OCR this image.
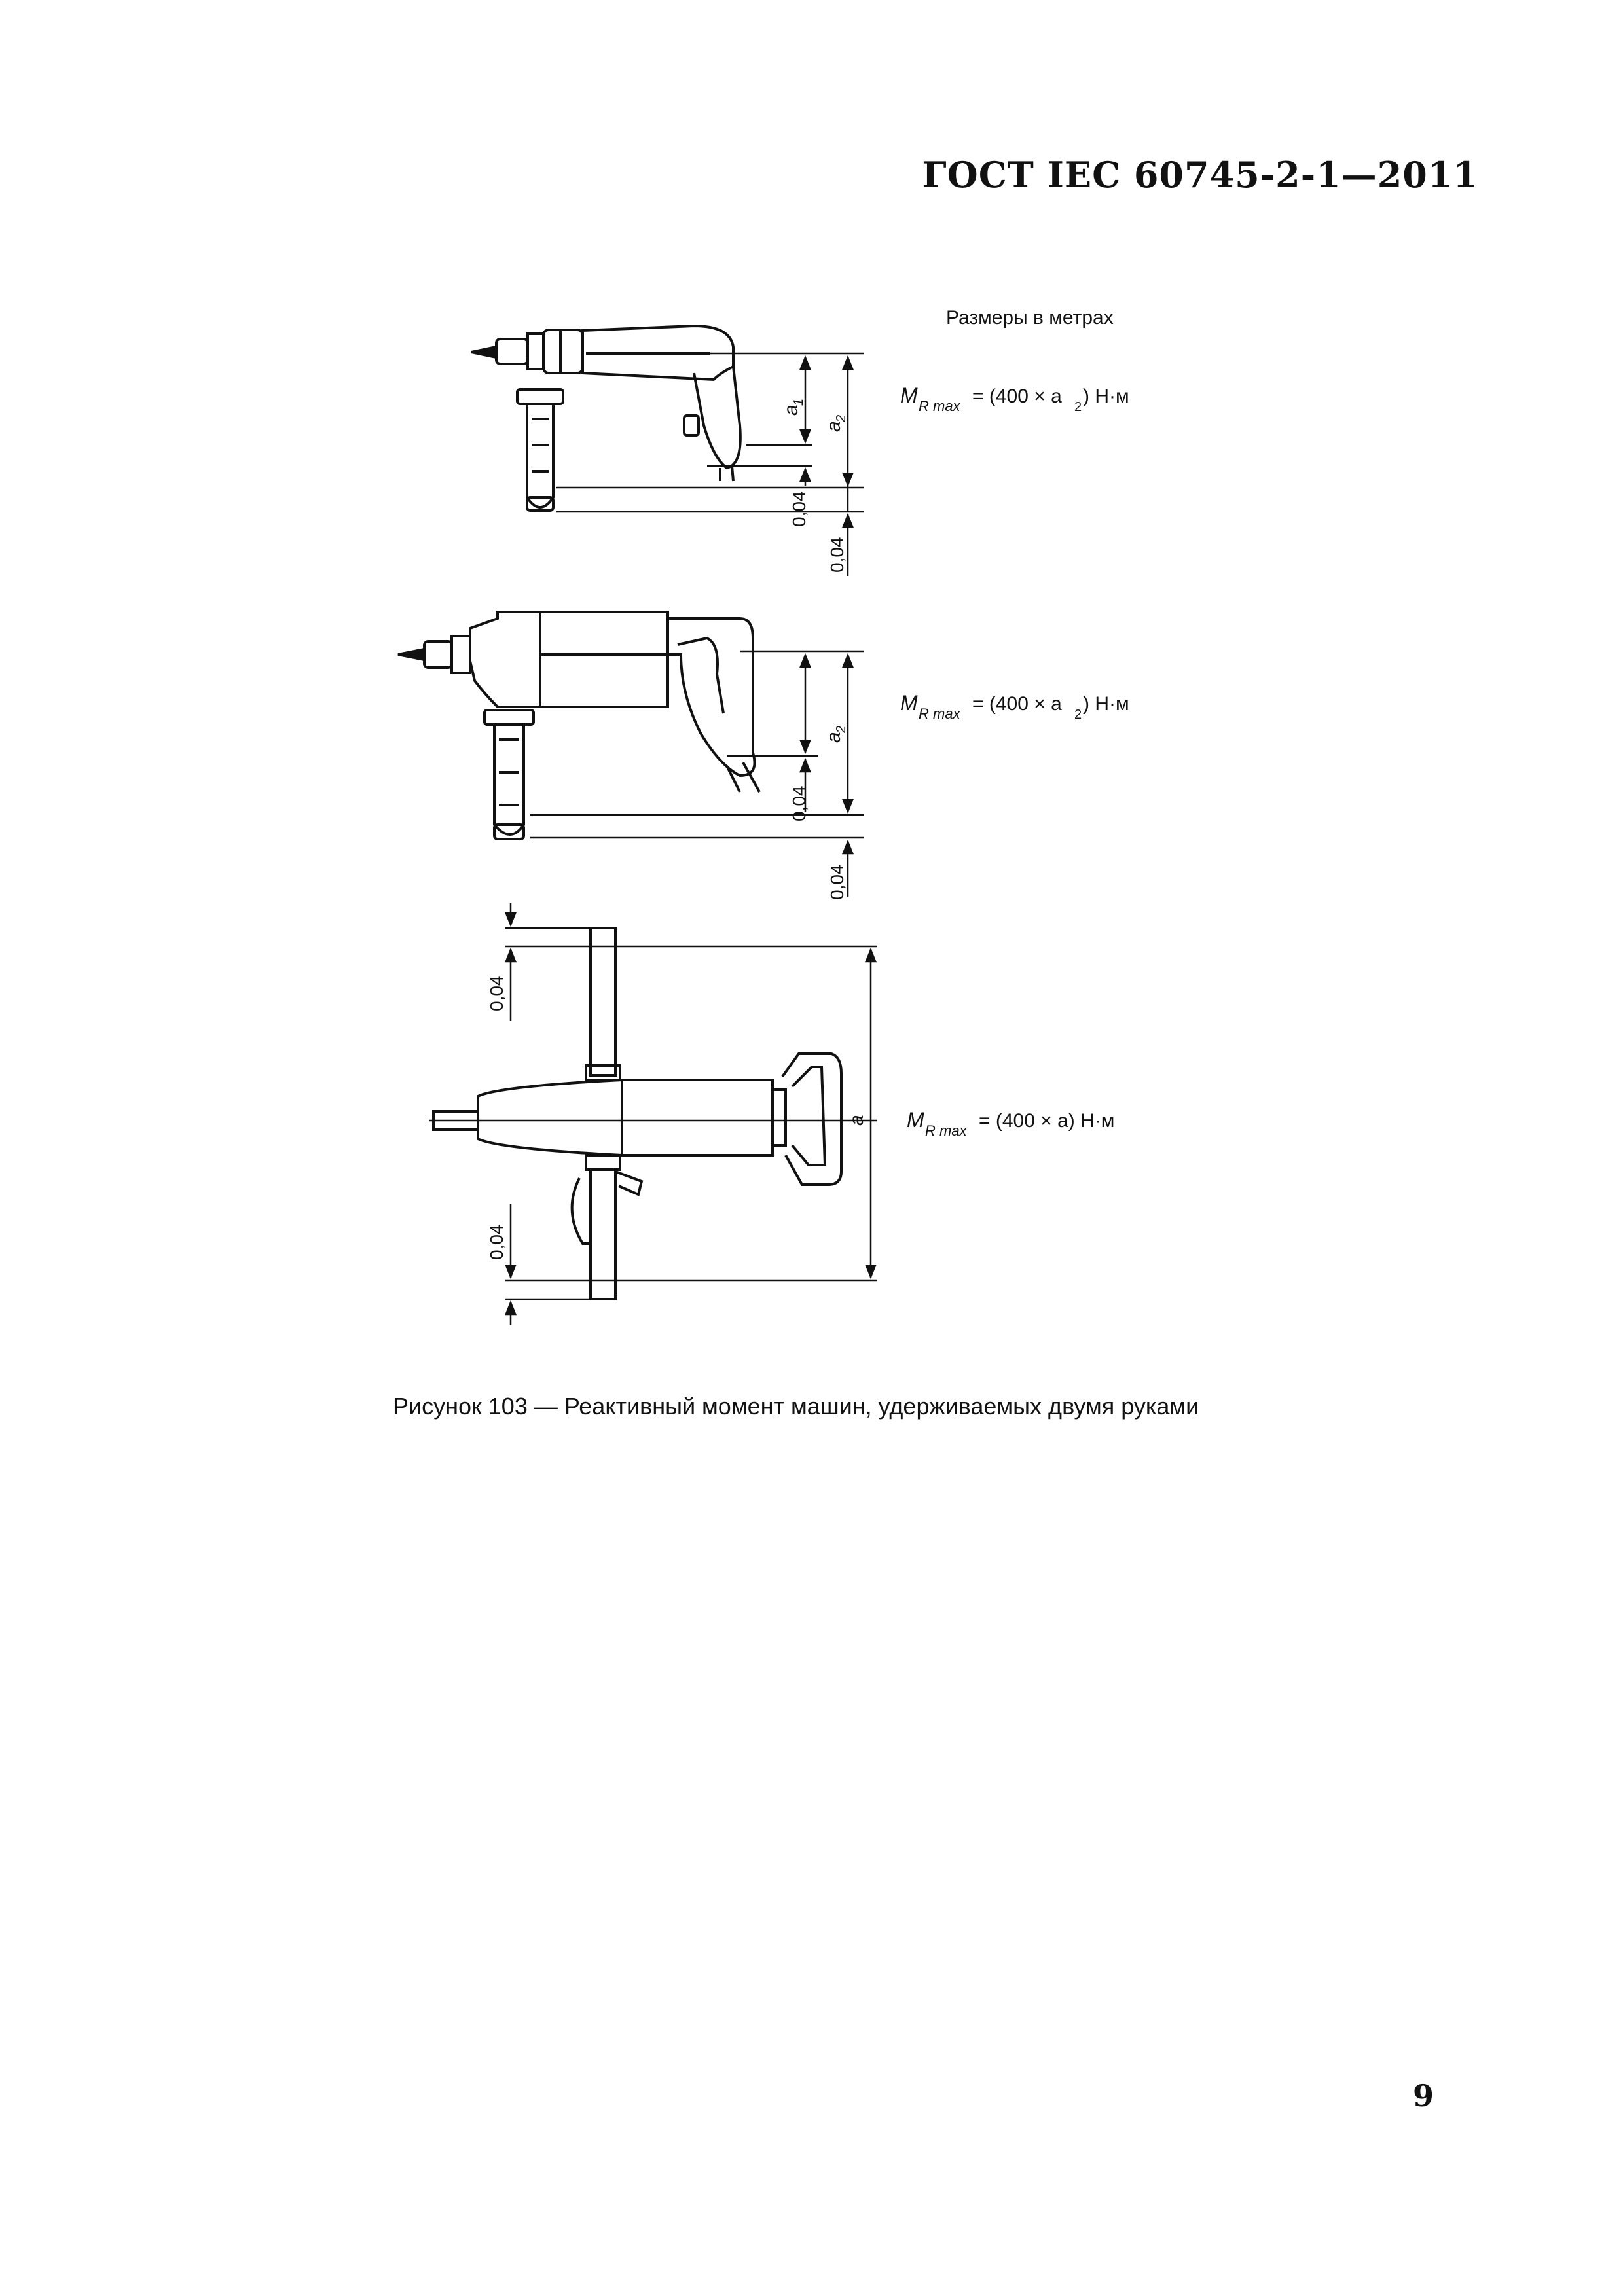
ГОСТ IEC 60745-2-1—2011
Размеры в метрах
a
1
a
2
0,04
0,04
M R max = (400 × a 2 ) Н·м
a
2
0,04
0,04
M R max = (400 × a 2 ) Н·м
0,04
0,04
a M R max = (400 × a) Н·м
Рисунок 103 — Реактивный момент машин, удерживаемых двумя руками
9
